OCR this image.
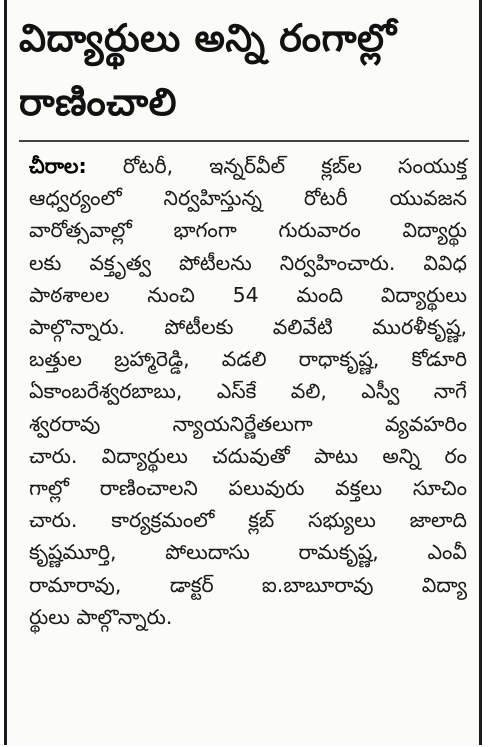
విద్యార్థులు అన్ని రంగాల్లో
రాణించాలి
చీరాల: రోటరీ, ఇన్నర్‌వీల్ క్లబ్‌ల సంయుక్త
ఆధ్వర్యంలో నిర్వహిస్తున్న రోటరీ యువజన
వారోత్సవాల్లో భాగంగా గురువారం విద్యార్థు
లకు వక్తృత్వ పోటీలను నిర్వహించారు. వివిధ
పాఠశాలల నుంచి 54 మంది విద్యార్థులు
పాల్గొన్నారు. పోటీలకు వలివేటి మురళీకృష్ణ,
బత్తుల బ్రహ్మారెడ్డి, వడలి రాధాకృష్ణ, కోడూరి
ఏకాంబరేశ్వరబాబు, ఎస్‌కే వలి, ఎస్వీ నాగే
శ్వరరావు న్యాయనిర్ణేతలుగా వ్యవహరిం
చారు. విద్యార్థులు చదువుతో పాటు అన్ని రం
గాల్లో రాణించాలని పలువురు వక్తలు సూచిం
చారు. కార్యక్రమంలో క్లబ్ సభ్యులు జాలాది
కృష్ణమూర్తి, పోలుదాసు రామకృష్ణ, ఎంవీ
రామారావు, డాక్టర్ ఐ.బాబూరావు విద్యా
ర్థులు పాల్గొన్నారు.
